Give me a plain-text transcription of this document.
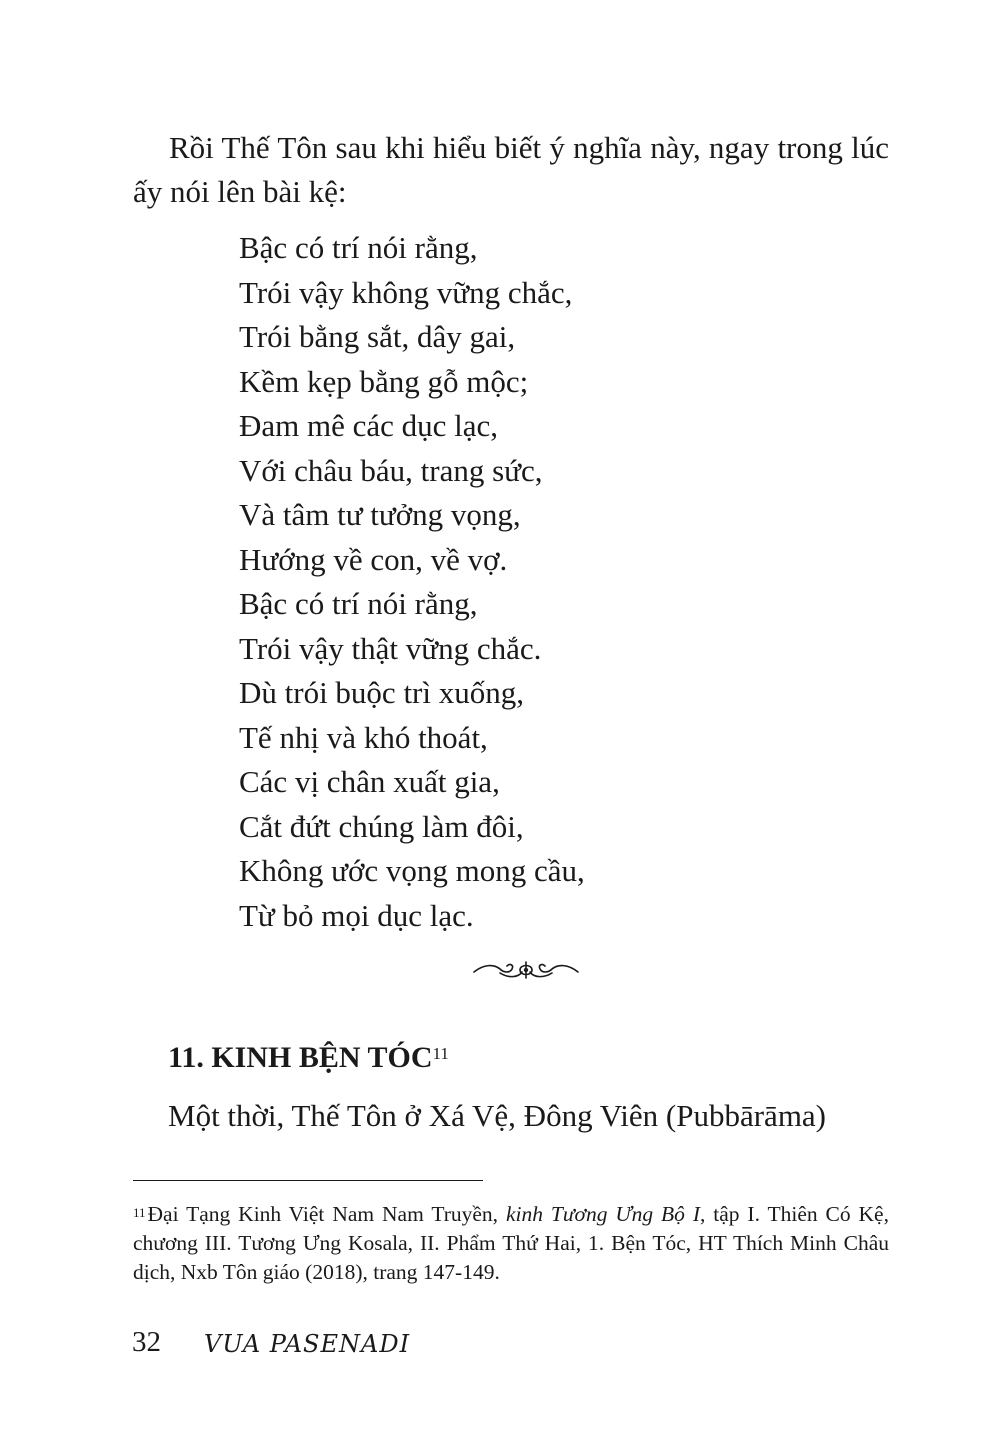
Rồi Thế Tôn sau khi hiểu biết ý nghĩa này, ngay trong lúc ấy nói lên bài kệ:

Bậc có trí nói rằng,
Trói vậy không vững chắc,
Trói bằng sắt, dây gai,
Kềm kẹp bằng gỗ mộc;
Đam mê các dục lạc,
Với châu báu, trang sức,
Và tâm tư tưởng vọng,
Hướng về con, về vợ.
Bậc có trí nói rằng,
Trói vậy thật vững chắc.
Dù trói buộc trì xuống,
Tế nhị và khó thoát,
Các vị chân xuất gia,
Cắt đứt chúng làm đôi,
Không ước vọng mong cầu,
Từ bỏ mọi dục lạc.
11. KINH BỆN TÓC$^{11}$

Một thời, Thế Tôn ở Xá Vệ, Đông Viên (Pubbārāma)

$^{11}$Đại Tạng Kinh Việt Nam Nam Truyền, kinh Tương Ưng Bộ I, tập I. Thiên Có Kệ, chương III. Tương Ưng Kosala, II. Phẩm Thứ Hai, 1. Bện Tóc, HT Thích Minh Châu dịch, Nxb Tôn giáo (2018), trang 147-149.

32 VUA PASENADI
